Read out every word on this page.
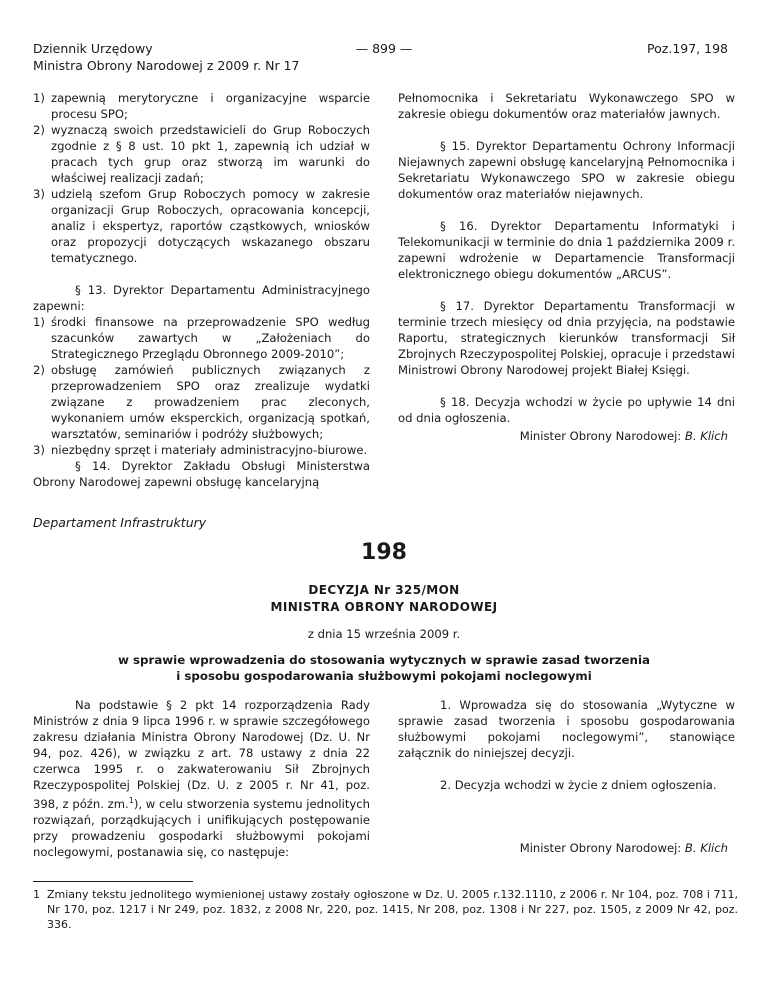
Dziennik Urzędowy
Ministra Obrony Narodowej z 2009 r. Nr 17
— 899 —	Poz.197, 198
1) zapewnią merytoryczne i organizacyjne wsparcie procesu SPO;
2) wyznaczą swoich przedstawicieli do Grup Roboczych zgodnie z § 8 ust. 10 pkt 1, zapewnią ich udział w pracach tych grup oraz stworzą im warunki do właściwej realizacji zadań;
3) udzielą szefom Grup Roboczych pomocy w zakresie organizacji Grup Roboczych, opracowania koncepcji, analiz i ekspertyz, raportów cząstkowych, wniosków oraz propozycji dotyczących wskazanego obszaru tematycznego.

§ 13. Dyrektor Departamentu Administracyjnego zapewni:

1) środki finansowe na przeprowadzenie SPO według szacunków zawartych w „Założeniach do Strategicznego Przeglądu Obronnego 2009-2010”;
2) obsługę zamówień publicznych związanych z przeprowadzeniem SPO oraz zrealizuje wydatki związane z prowadzeniem prac zleconych, wykonaniem umów eksperckich, organizacją spotkań, warsztatów, seminariów i podróży służbowych;
3) niezbędny sprzęt i materiały administracyjno-biurowe.

§ 14. Dyrektor Zakładu Obsługi Ministerstwa Obrony Narodowej zapewni obsługę kancelaryjną

Pełnomocnika i Sekretariatu Wykonawczego SPO w zakresie obiegu dokumentów oraz materiałów jawnych.

§ 15. Dyrektor Departamentu Ochrony Informacji Niejawnych zapewni obsługę kancelaryjną Pełnomocnika i Sekretariatu Wykonawczego SPO w zakresie obiegu dokumentów oraz materiałów niejawnych.

§ 16. Dyrektor Departamentu Informatyki i Telekomunikacji w terminie do dnia 1 października 2009 r. zapewni wdrożenie w Departamencie Transformacji elektronicznego obiegu dokumentów „ARCUS”.

§ 17. Dyrektor Departamentu Transformacji w terminie trzech miesięcy od dnia przyjęcia, na podstawie Raportu, strategicznych kierunków transformacji Sił Zbrojnych Rzeczypospolitej Polskiej, opracuje i przedstawi Ministrowi Obrony Narodowej projekt Białej Księgi.

§ 18. Decyzja wchodzi w życie po upływie 14 dni od dnia ogłoszenia.

Minister Obrony Narodowej: B. Klich
Departament Infrastruktury
198
DECYZJA Nr 325/MON
MINISTRA OBRONY NARODOWEJ
z dnia 15 września 2009 r.
w sprawie wprowadzenia do stosowania wytycznych w sprawie zasad tworzenia
i sposobu gospodarowania służbowymi pokojami noclegowymi

Na podstawie § 2 pkt 14 rozporządzenia Rady Ministrów z dnia 9 lipca 1996 r. w sprawie szczegółowego zakresu działania Ministra Obrony Narodowej (Dz. U. Nr 94, poz. 426), w związku z art. 78 ustawy z dnia 22 czerwca 1995 r. o zakwaterowaniu Sił Zbrojnych Rzeczypospolitej Polskiej (Dz. U. z 2005 r. Nr 41, poz. 398, z późn. zm.$^1$), w celu stworzenia systemu jednolitych rozwiązań, porządkujących i unifikujących postępowanie przy prowadzeniu gospodarki służbowymi pokojami noclegowymi, postanawia się, co następuje:

1. Wprowadza się do stosowania „Wytyczne w sprawie zasad tworzenia i sposobu gospodarowania służbowymi pokojami noclegowymi”, stanowiące załącznik do niniejszej decyzji.

2. Decyzja wchodzi w życie z dniem ogłoszenia.

Minister Obrony Narodowej: B. Klich
1 Zmiany tekstu jednolitego wymienionej ustawy zostały ogłoszone w Dz. U. 2005 r.132.1110, z 2006 r. Nr 104, poz. 708 i 711, Nr 170, poz. 1217 i Nr 249, poz. 1832, z 2008 Nr, 220, poz. 1415, Nr 208, poz. 1308 i Nr 227, poz. 1505, z 2009 Nr 42, poz. 336.
